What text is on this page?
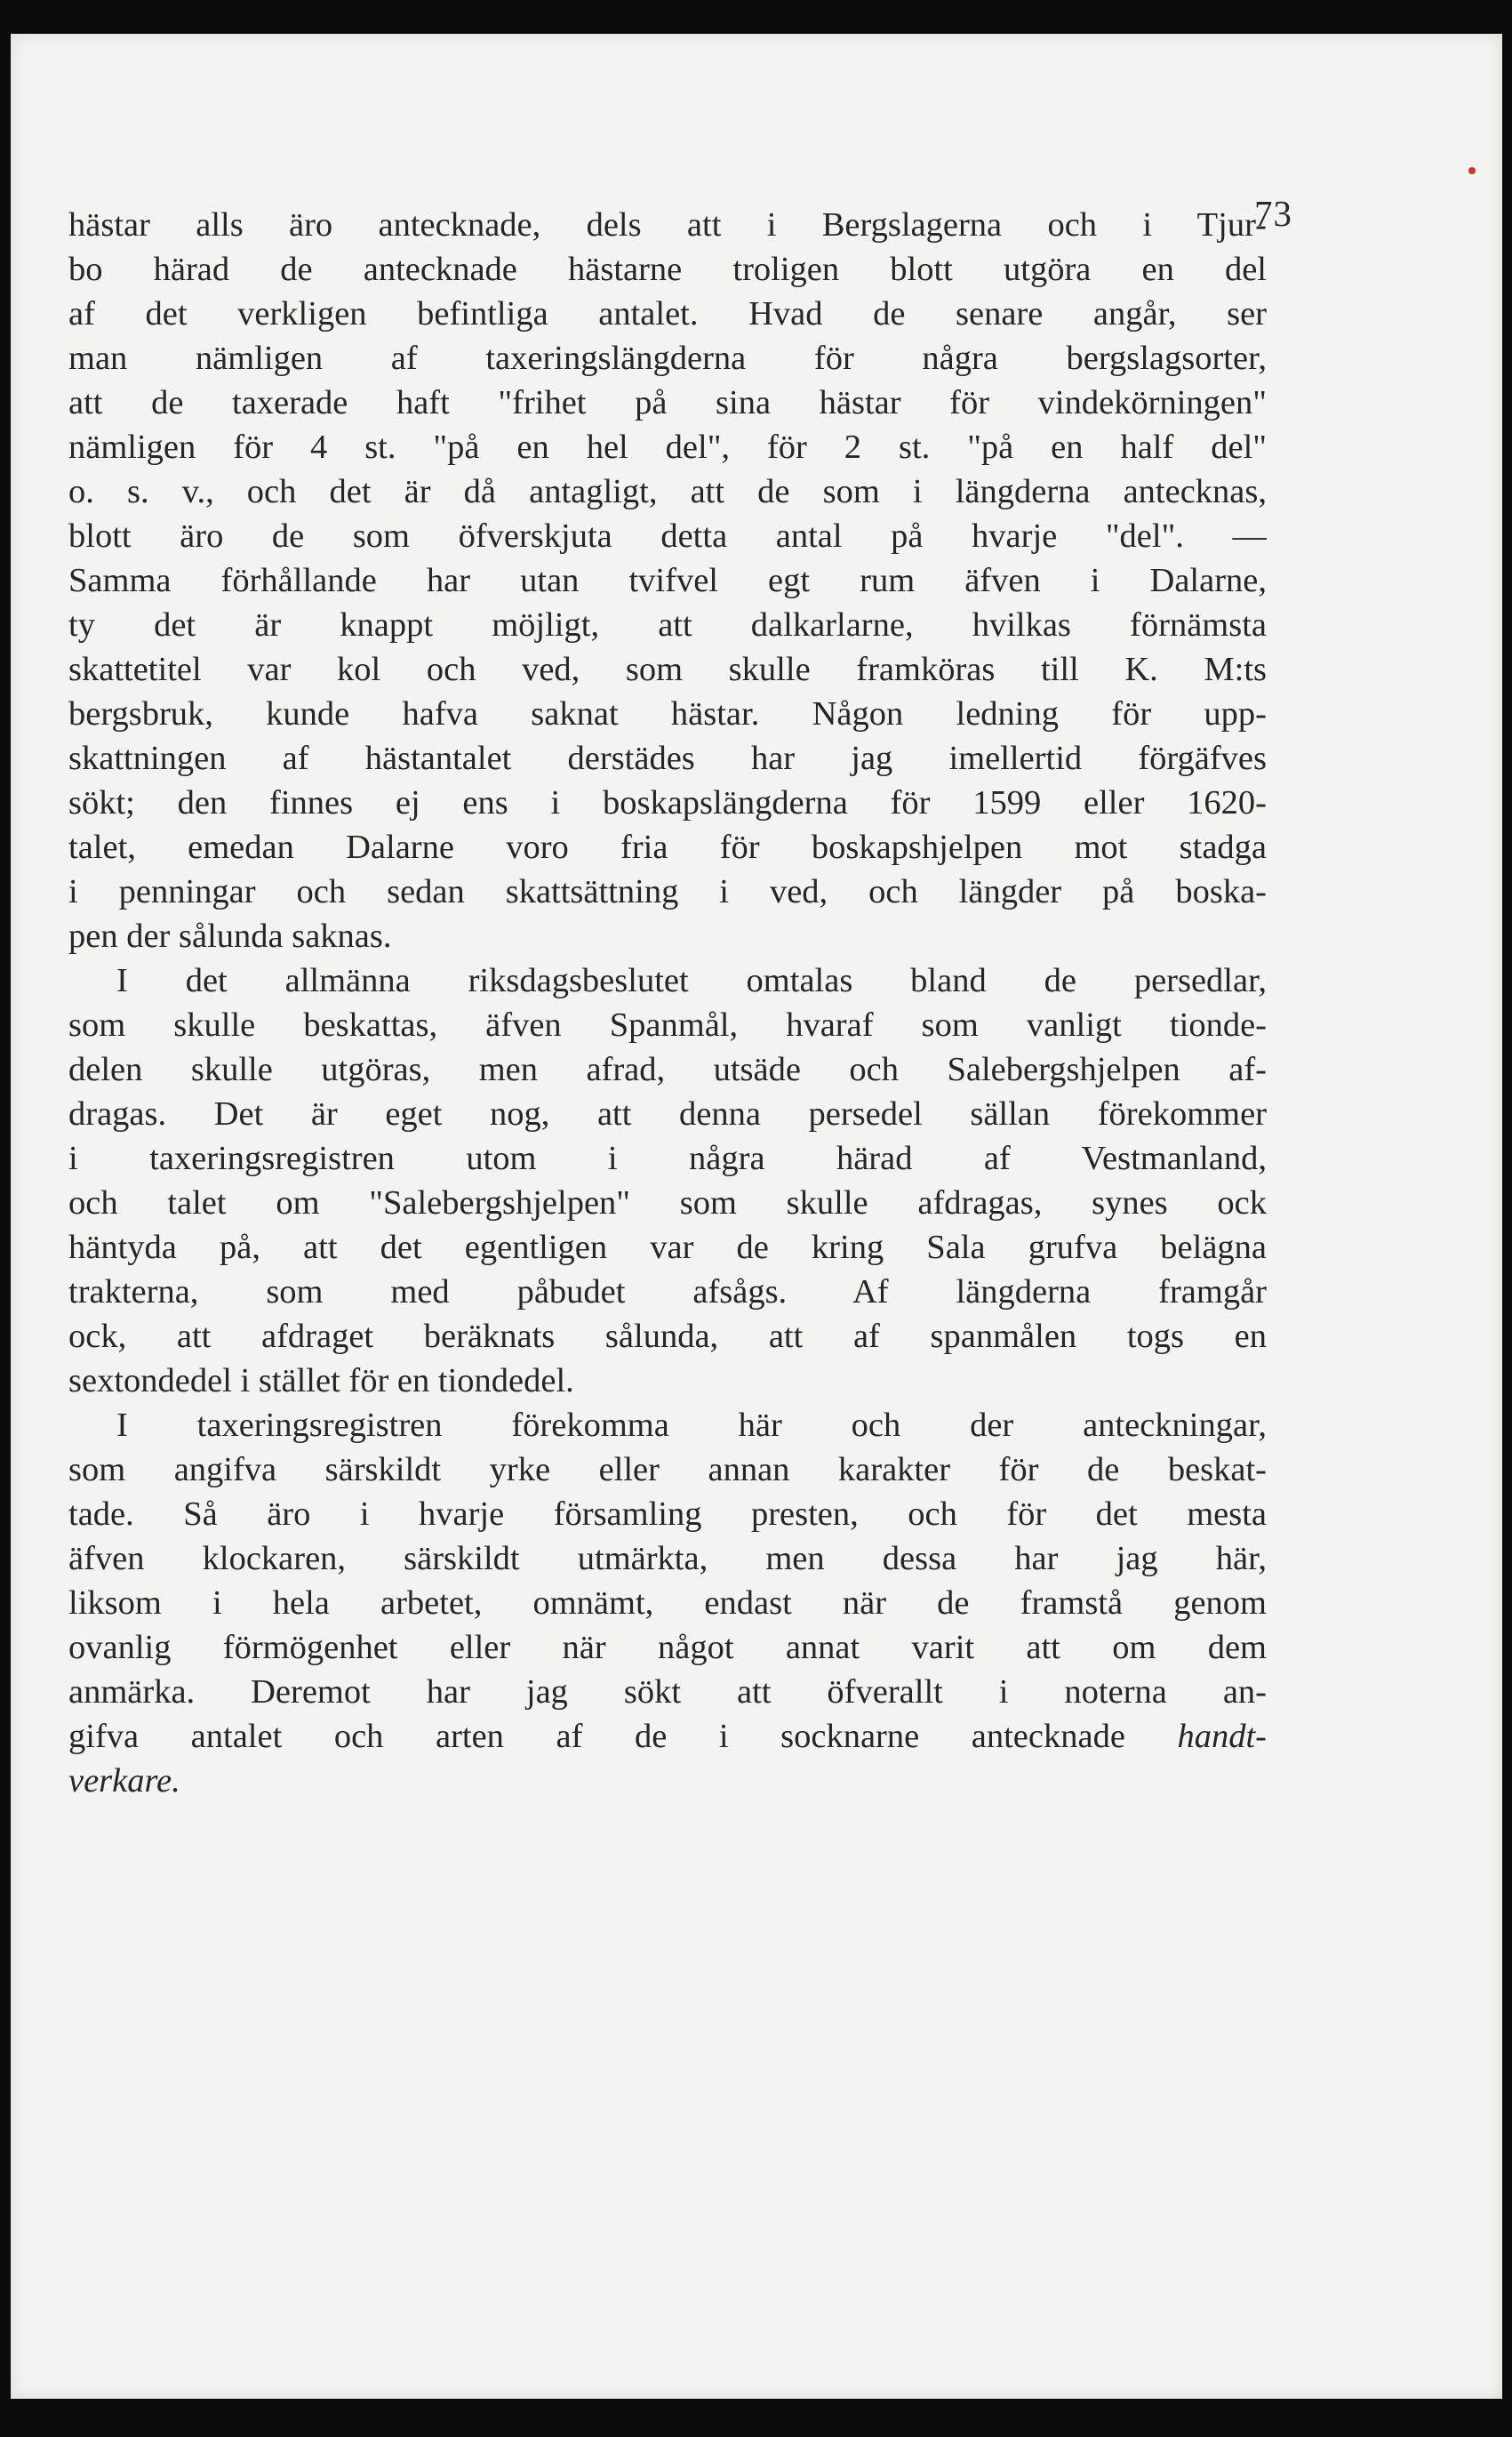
73
hästar alls äro antecknade, dels att i Bergslagerna och i Tjur-
bo härad de antecknade hästarne troligen blott utgöra en del
af det verkligen befintliga antalet. Hvad de senare angår, ser
man nämligen af taxeringslängderna för några bergslagsorter,
att de taxerade haft "frihet på sina hästar för vindekörningen"
nämligen för 4 st. "på en hel del", för 2 st. "på en half del"
o. s. v., och det är då antagligt, att de som i längderna antecknas,
blott äro de som öfverskjuta detta antal på hvarje "del". —
Samma förhållande har utan tvifvel egt rum äfven i Dalarne,
ty det är knappt möjligt, att dalkarlarne, hvilkas förnämsta
skattetitel var kol och ved, som skulle framköras till K. M:ts
bergsbruk, kunde hafva saknat hästar. Någon ledning för upp-
skattningen af hästantalet derstädes har jag imellertid förgäfves
sökt; den finnes ej ens i boskapslängderna för 1599 eller 1620-
talet, emedan Dalarne voro fria för boskapshjelpen mot stadga
i penningar och sedan skattsättning i ved, och längder på boska-
pen der sålunda saknas.
I det allmänna riksdagsbeslutet omtalas bland de persedlar,
som skulle beskattas, äfven Spanmål, hvaraf som vanligt tionde-
delen skulle utgöras, men afrad, utsäde och Salebergshjelpen af-
dragas. Det är eget nog, att denna persedel sällan förekommer
i taxeringsregistren utom i några härad af Vestmanland,
och talet om "Salebergshjelpen" som skulle afdragas, synes ock
häntyda på, att det egentligen var de kring Sala grufva belägna
trakterna, som med påbudet afsågs. Af längderna framgår
ock, att afdraget beräknats sålunda, att af spanmålen togs en
sextondedel i stället för en tiondedel.
I taxeringsregistren förekomma här och der anteckningar,
som angifva särskildt yrke eller annan karakter för de beskat-
tade. Så äro i hvarje församling presten, och för det mesta
äfven klockaren, särskildt utmärkta, men dessa har jag här,
liksom i hela arbetet, omnämt, endast när de framstå genom
ovanlig förmögenhet eller när något annat varit att om dem
anmärka. Deremot har jag sökt att öfverallt i noterna an-
gifva antalet och arten af de i socknarne antecknade handt-
verkare.
